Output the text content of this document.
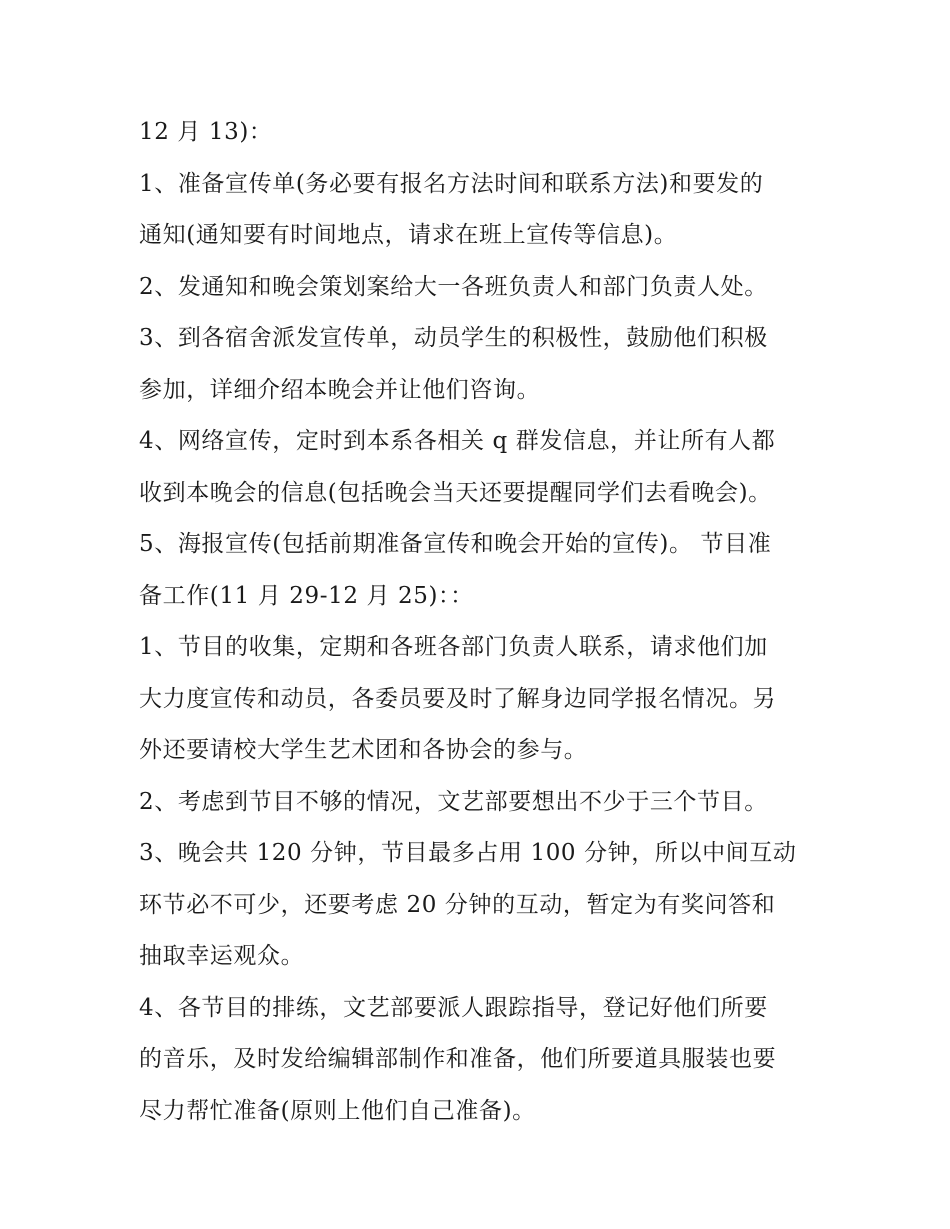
12 月 13)：
1、准备宣传单(务必要有报名方法时间和联系方法)和要发的
通知(通知要有时间地点，请求在班上宣传等信息)。
2、发通知和晚会策划案给大一各班负责人和部门负责人处。
3、到各宿舍派发宣传单，动员学生的积极性，鼓励他们积极
参加，详细介绍本晚会并让他们咨询。
4、网络宣传，定时到本系各相关 q 群发信息，并让所有人都
收到本晚会的信息(包括晚会当天还要提醒同学们去看晚会)。
5、海报宣传(包括前期准备宣传和晚会开始的宣传)。 节目准
备工作(11 月 29-12 月 25)：：
1、节目的收集，定期和各班各部门负责人联系，请求他们加
大力度宣传和动员，各委员要及时了解身边同学报名情况。另
外还要请校大学生艺术团和各协会的参与。
2、考虑到节目不够的情况，文艺部要想出不少于三个节目。
3、晚会共 120 分钟，节目最多占用 100 分钟，所以中间互动
环节必不可少，还要考虑 20 分钟的互动，暂定为有奖问答和
抽取幸运观众。
4、各节目的排练，文艺部要派人跟踪指导，登记好他们所要
的音乐，及时发给编辑部制作和准备，他们所要道具服装也要
尽力帮忙准备(原则上他们自己准备)。
